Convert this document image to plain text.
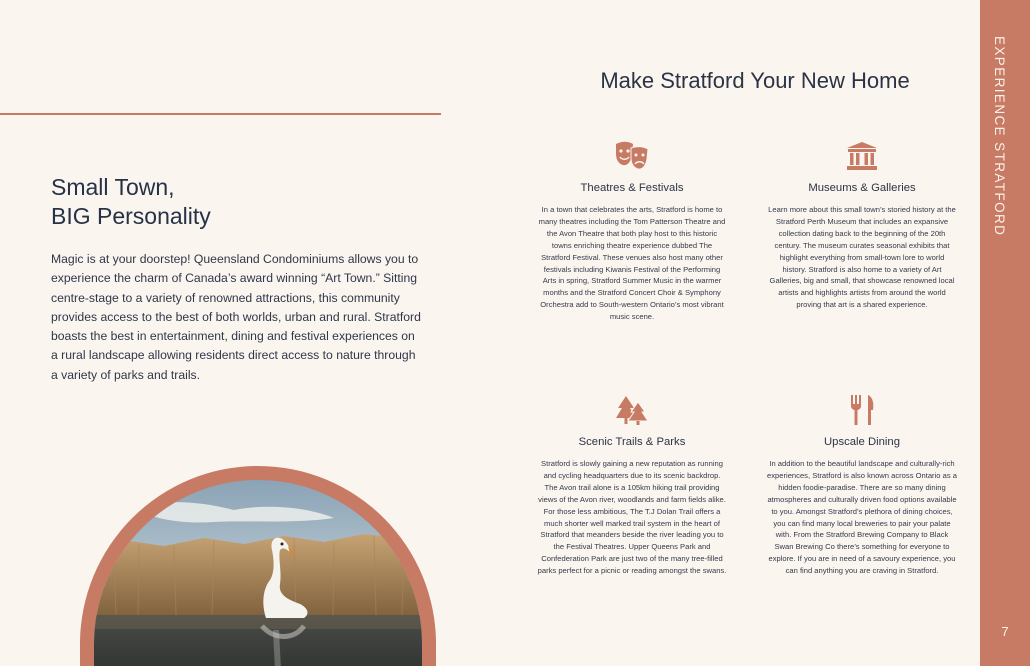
Small Town,
BIG Personality

Magic is at your doorstep! Queensland Condominiums allows you to experience the charm of Canada’s award winning “Art Town.” Sitting centre-stage to a variety of renowned attractions, this community provides access to the best of both worlds, urban and rural. Stratford boasts the best in entertainment, dining and festival experiences on a rural landscape allowing residents direct access to nature through a variety of parks and trails.

Make Stratford Your New Home
Theatres & Festivals

In a town that celebrates the arts, Stratford is home to many theatres including the Tom Patterson Theatre and the Avon Theatre that both play host to this historic towns enriching theatre experience dubbed The Stratford Festival. These venues also host many other festivals including Kiwanis Festival of the Performing Arts in spring, Stratford Summer Music in the warmer months and the Stratford Concert Choir & Symphony Orchestra add to South-western Ontario’s most vibrant music scene.

Museums & Galleries

Learn more about this small town’s storied history at the Stratford Perth Museum that includes an expansive collection dating back to the beginning of the 20th century. The museum curates seasonal exhibits that highlight everything from small-town lore to world history. Stratford is also home to a variety of Art Galleries, big and small, that showcase renowned local artists and highlights artists from around the world proving that art is a shared experience.

Scenic Trails & Parks

Stratford is slowly gaining a new reputation as running and cycling headquarters due to its scenic backdrop. The Avon trail alone is a 105km hiking trail providing views of the Avon river, woodlands and farm fields alike. For those less ambitious, The T.J Dolan Trail offers a much shorter well marked trail system in the heart of Stratford that meanders beside the river leading you to the Festival Theatres. Upper Queens Park and Confederation Park are just two of the many tree-filled parks perfect for a picnic or reading amongst the swans.

Upscale Dining

In addition to the beautiful landscape and culturally-rich experiences, Stratford is also known across Ontario as a hidden foodie-paradise. There are so many dining atmospheres and culturally driven food options available to you. Amongst Stratford’s plethora of dining choices, you can find many local breweries to pair your palate with. From the Stratford Brewing Company to Black Swan Brewing Co there’s something for everyone to explore. If you are in need of a savoury experience, you can find anything you are craving in Stratford.

EXPERIENCE STRATFORD
7
